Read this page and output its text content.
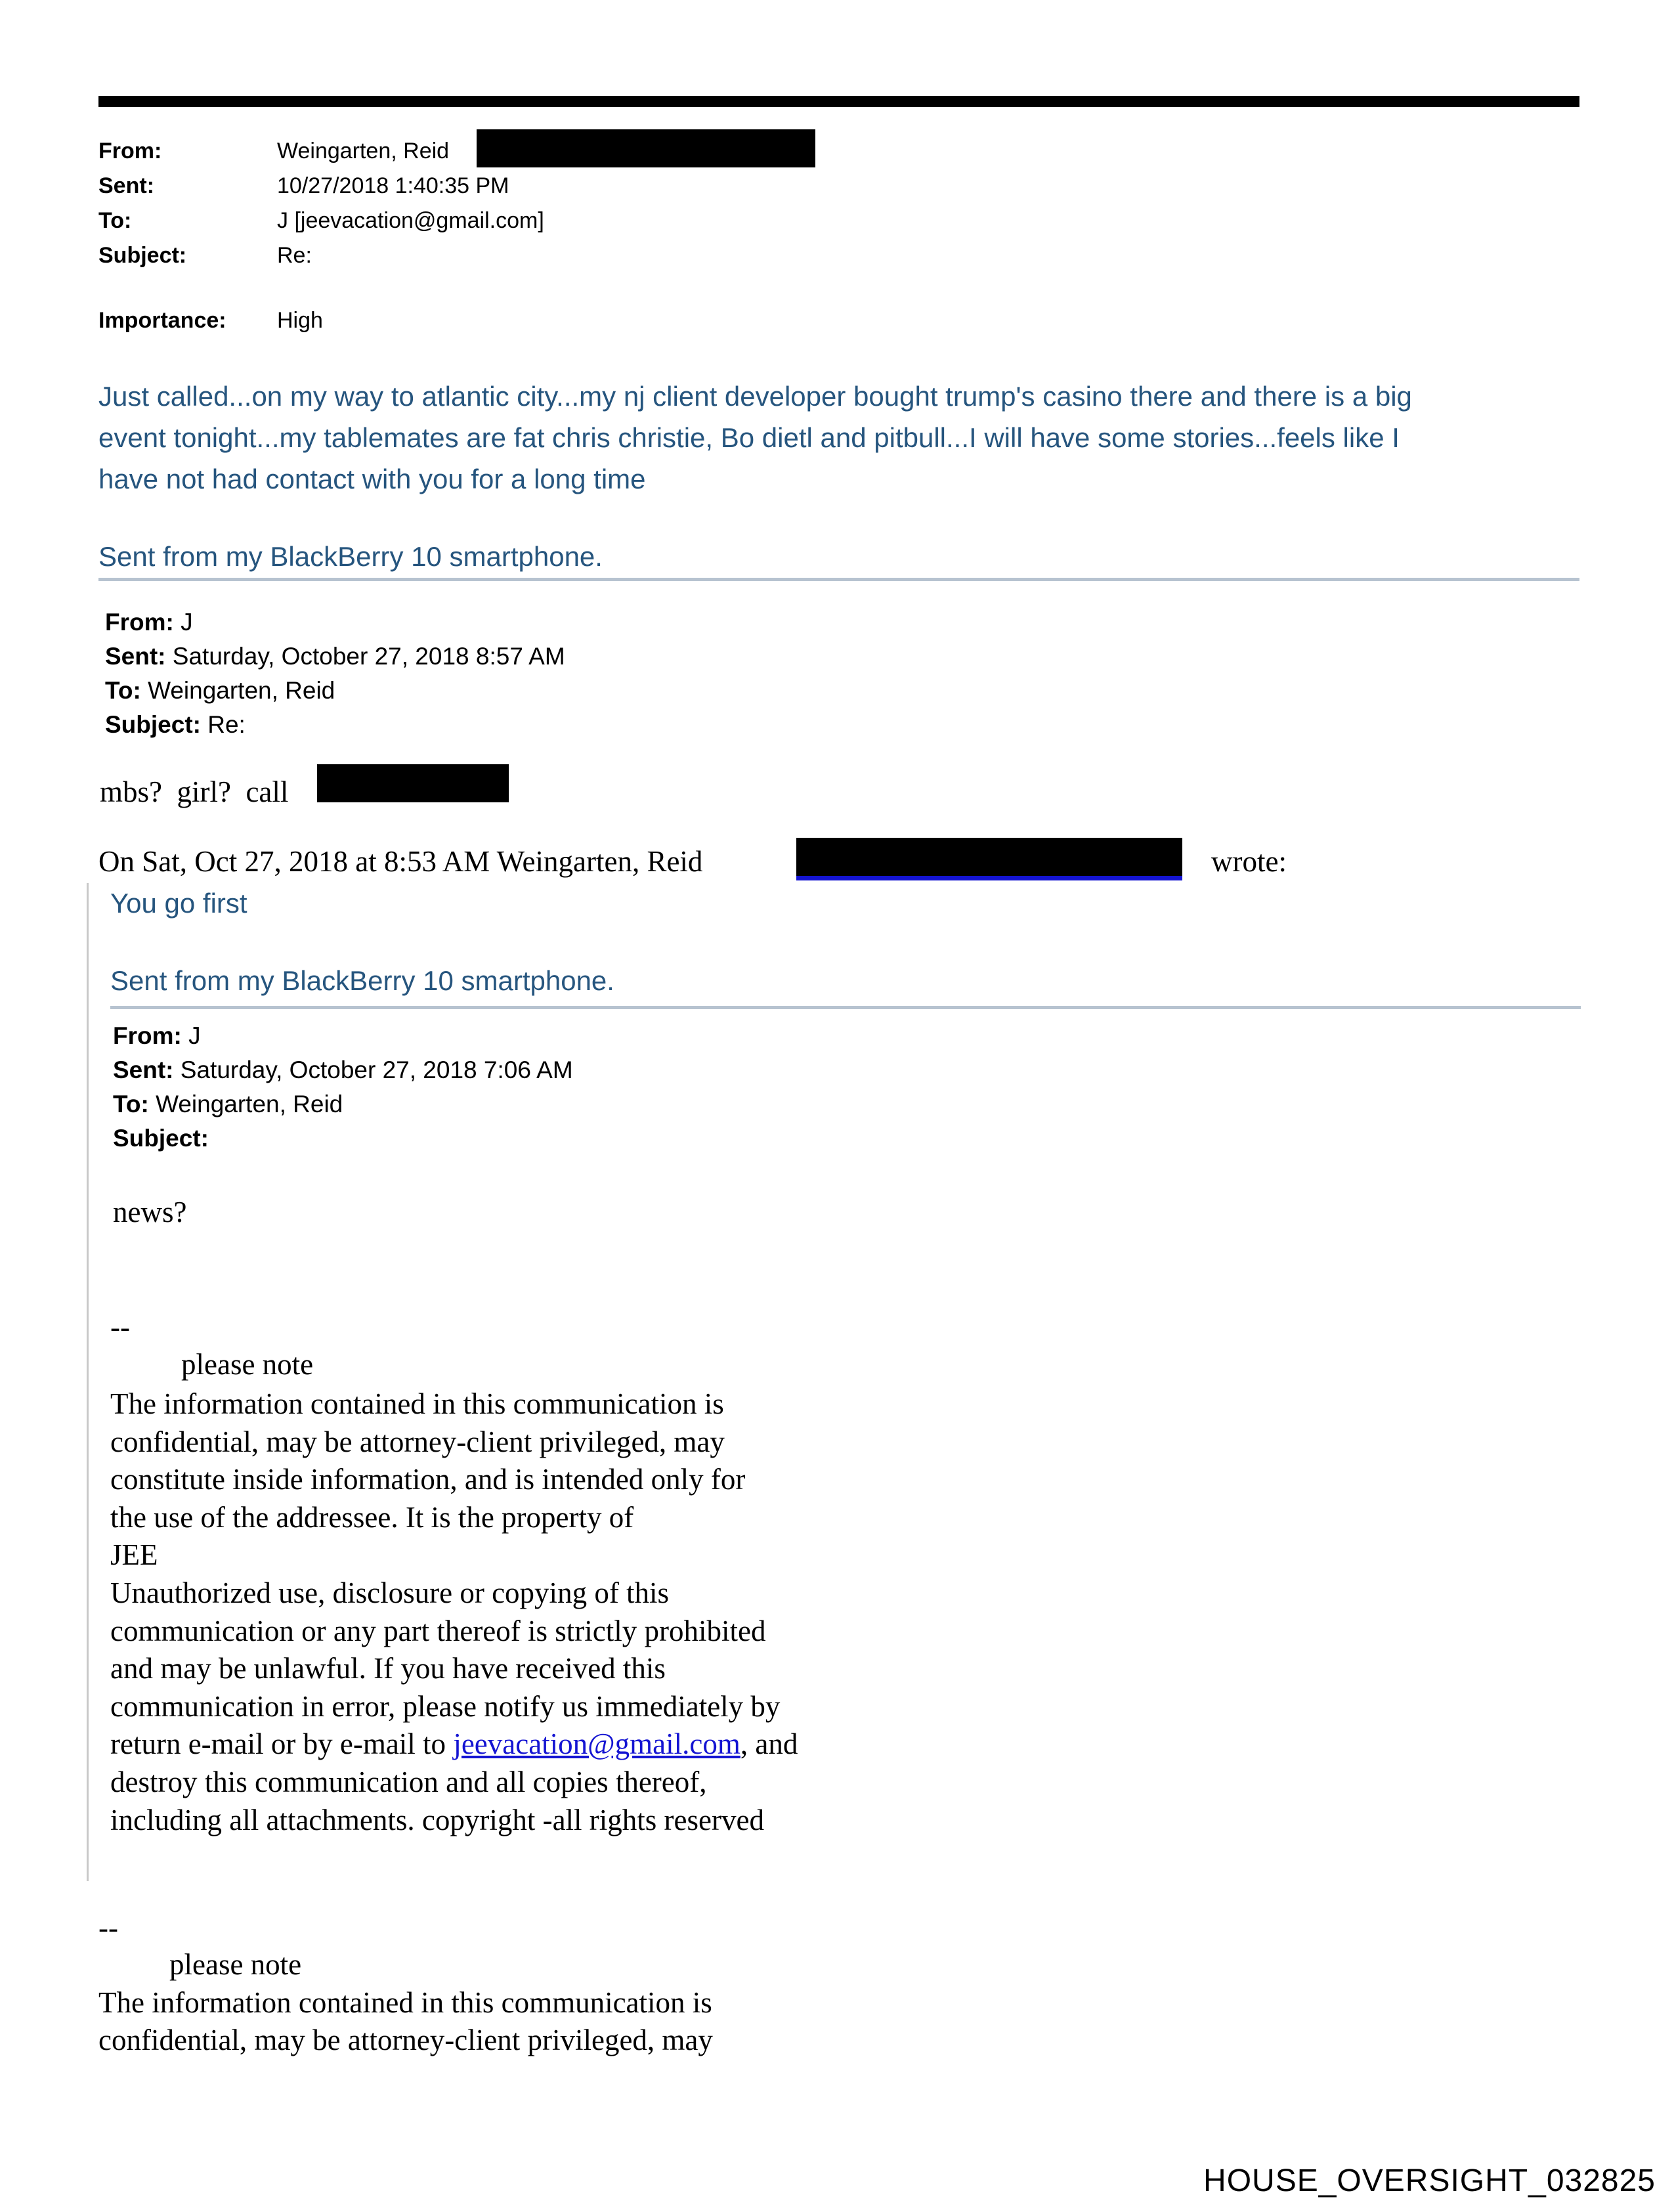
From:	Weingarten, Reid
Sent:	10/27/2018 1:40:35 PM
To:	J [jeevacation@gmail.com]
Subject:	Re:
Importance:	High
Just called...on my way to atlantic city...my nj client developer bought trump's casino there and there is a big
event tonight...my tablemates are fat chris christie, Bo dietl and pitbull...I will have some stories...feels like I
have not had contact with you for a long time
Sent from my BlackBerry 10 smartphone.
From: J
Sent: Saturday, October 27, 2018 8:57 AM
To: Weingarten, Reid
Subject: Re:
mbs?  girl?  call
On Sat, Oct 27, 2018 at 8:53 AM Weingarten, Reid	wrote:
You go first
Sent from my BlackBerry 10 smartphone.
From: J
Sent: Saturday, October 27, 2018 7:06 AM
To: Weingarten, Reid
Subject:
news?
--
please note
The information contained in this communication is
confidential, may be attorney-client privileged, may
constitute inside information, and is intended only for
the use of the addressee. It is the property of
JEE
Unauthorized use, disclosure or copying of this
communication or any part thereof is strictly prohibited
and may be unlawful. If you have received this
communication in error, please notify us immediately by
return e-mail or by e-mail to jeevacation@gmail.com, and
destroy this communication and all copies thereof,
including all attachments. copyright -all rights reserved
--
please note
The information contained in this communication is
confidential, may be attorney-client privileged, may
HOUSE_OVERSIGHT_032825
